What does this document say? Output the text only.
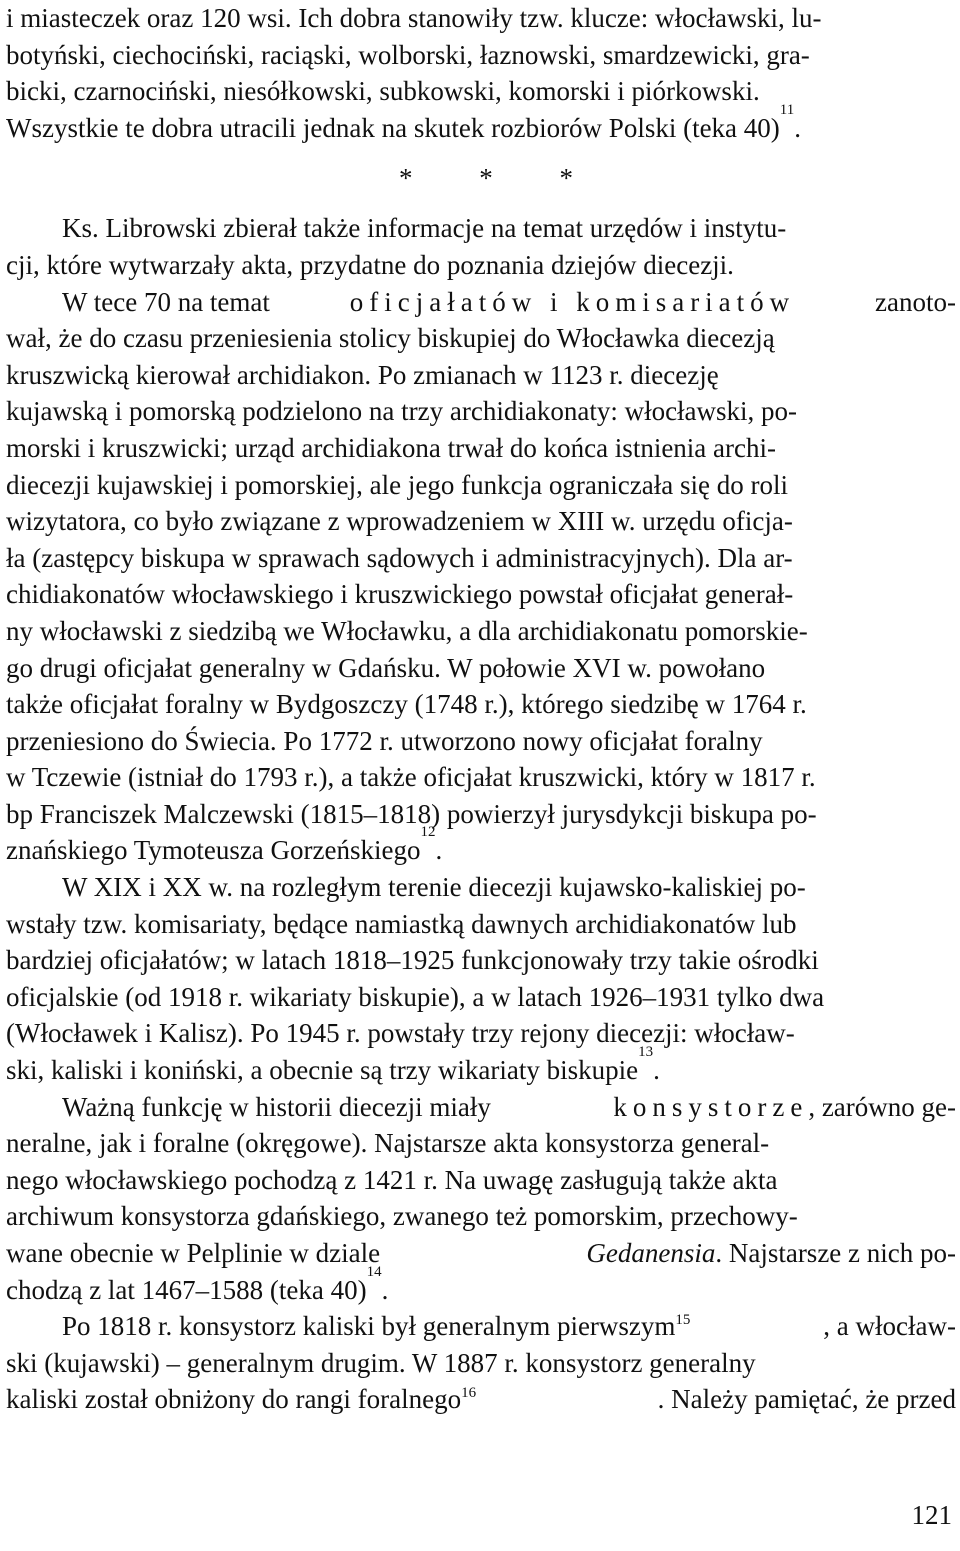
i miasteczek oraz 120 wsi. Ich dobra stanowiły tzw. klucze: włocławski, lu-
botyński, ciechociński, raciąski, wolborski, łaznowski, smardzewicki, gra-
bicki, czarnociński, niesółkowski, subkowski, komorski i piórkowski.
Wszystkie te dobra utracili jednak na skutek rozbiorów Polski (teka 40)
11
.
* * *
Ks. Librowski zbierał także informacje na temat urzędów i instytu-
cji, które wytwarzały akta, przydatne do poznania dziejów diecezji.
W tece 70 na temat	oficjałatów i komisariatów	zanoto-
wał, że do czasu przeniesienia stolicy biskupiej do Włocławka diecezją
kruszwicką kierował archidiakon. Po zmianach w 1123 r. diecezję
kujawską i pomorską podzielono na trzy archidiakonaty: włocławski, po-
morski i kruszwicki; urząd archidiakona trwał do końca istnienia archi-
diecezji kujawskiej i pomorskiej, ale jego funkcja ograniczała się do roli
wizytatora, co było związane z wprowadzeniem w XIII w. urzędu oficja-
ła (zastępcy biskupa w sprawach sądowych i administracyjnych). Dla ar-
chidiakonatów włocławskiego i kruszwickiego powstał oficjałat generał-
ny włocławski z siedzibą we Włocławku, a dla archidiakonatu pomorskie-
go drugi oficjałat generalny w Gdańsku. W połowie XVI w. powołano
także oficjałat foralny w Bydgoszczy (1748 r.), którego siedzibę w 1764 r.
przeniesiono do Świecia. Po 1772 r. utworzono nowy oficjałat foralny
w Tczewie (istniał do 1793 r.), a także oficjałat kruszwicki, który w 1817 r.
bp Franciszek Malczewski (1815–1818) powierzył jurysdykcji biskupa po-
znańskiego Tymoteusza Gorzeńskiego
12
.
W XIX i XX w. na rozległym terenie diecezji kujawsko-kaliskiej po-
wstały tzw. komisariaty, będące namiastką dawnych archidiakonatów lub
bardziej oficjałatów; w latach 1818–1925 funkcjonowały trzy takie ośrodki
oficjalskie (od 1918 r. wikariaty biskupie), a w latach 1926–1931 tylko dwa
(Włocławek i Kalisz). Po 1945 r. powstały trzy rejony diecezji: włocław-
ski, kaliski i koniński, a obecnie są trzy wikariaty biskupie
13
.
Ważną funkcję w historii diecezji miały	konsystorze, zarówno ge-
neralne, jak i foralne (okręgowe). Najstarsze akta konsystorza general-
nego włocławskiego pochodzą z 1421 r. Na uwagę zasługują także akta
archiwum konsystorza gdańskiego, zwanego też pomorskim, przechowy-
wane obecnie w Pelplinie w dziale	Gedanensia. Najstarsze z nich po-
chodzą z lat 1467–1588 (teka 40)
14
.
Po 1818 r. konsystorz kaliski był generalnym pierwszym$^{15}$	, a włocław-
ski (kujawski) – generalnym drugim. W 1887 r. konsystorz generalny
kaliski został obniżony do rangi foralnego$^{16}$	. Należy pamiętać, że przed
121
